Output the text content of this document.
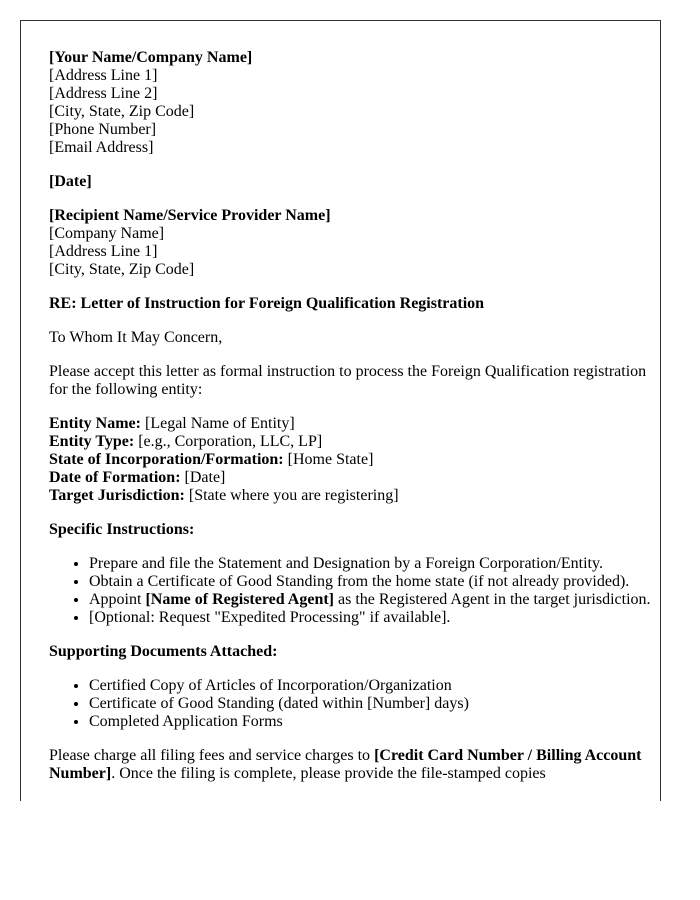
[Your Name/Company Name]
[Address Line 1]
[Address Line 2]
[City, State, Zip Code]
[Phone Number]
[Email Address]

[Date]

[Recipient Name/Service Provider Name]
[Company Name]
[Address Line 1]
[City, State, Zip Code]

RE: Letter of Instruction for Foreign Qualification Registration

To Whom It May Concern,

Please accept this letter as formal instruction to process the Foreign Qualification registration for the following entity:

Entity Name: [Legal Name of Entity]
Entity Type: [e.g., Corporation, LLC, LP]
State of Incorporation/Formation: [Home State]
Date of Formation: [Date]
Target Jurisdiction: [State where you are registering]

Specific Instructions:

• Prepare and file the Statement and Designation by a Foreign Corporation/Entity.
• Obtain a Certificate of Good Standing from the home state (if not already provided).
• Appoint [Name of Registered Agent] as the Registered Agent in the target jurisdiction.
• [Optional: Request "Expedited Processing" if available].

Supporting Documents Attached:

• Certified Copy of Articles of Incorporation/Organization
• Certificate of Good Standing (dated within [Number] days)
• Completed Application Forms

Please charge all filing fees and service charges to [Credit Card Number / Billing Account Number]. Once the filing is complete, please provide the file-stamped copies
